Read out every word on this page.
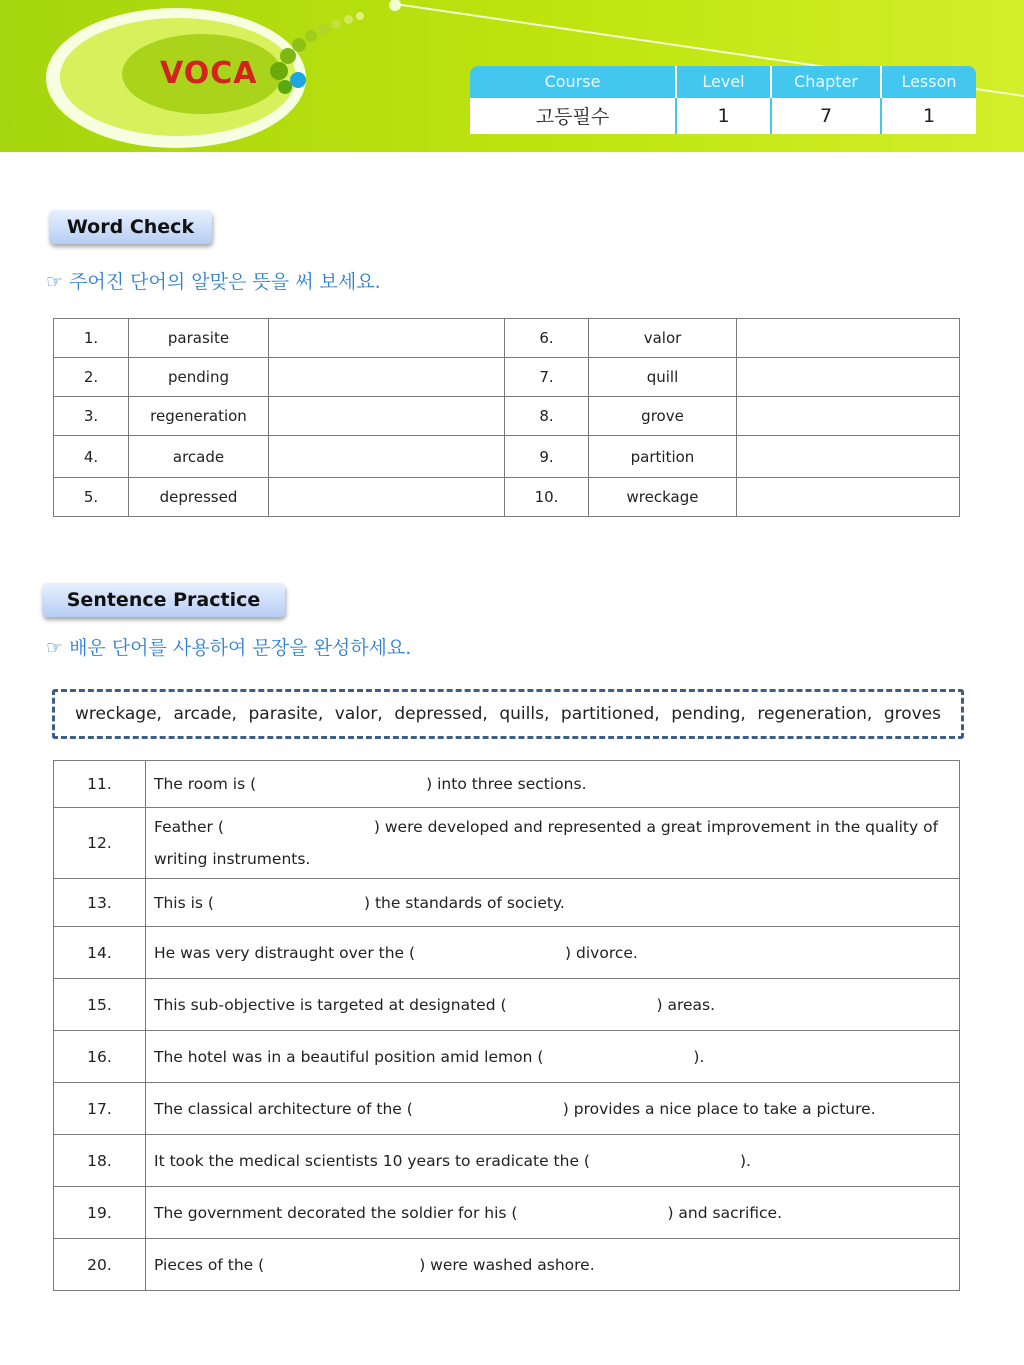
VOCA	Course	Level	Chapter	Lesson
고등필수	1	7	1
Word Check
☞ 주어진 단어의 알맞은 뜻을 써 보세요.
1.	parasite		6.	valor	
2.	pending		7.	quill	
3.	regeneration		8.	grove	
4.	arcade		9.	partition	
5.	depressed		10.	wreckage	
Sentence Practice
☞ 배운 단어를 사용하여 문장을 완성하세요.
wreckage, arcade, parasite, valor, depressed, quills, partitioned, pending, regeneration, groves
11.	The room is ( ) into three sections.
12.	Feather ( ) were developed and represented a great improvement in the quality of
writing instruments.
13.	This is ( ) the standards of society.
14.	He was very distraught over the ( ) divorce.
15.	This sub-objective is targeted at designated ( ) areas.
16.	The hotel was in a beautiful position amid lemon ( ).
17.	The classical architecture of the ( ) provides a nice place to take a picture.
18.	It took the medical scientists 10 years to eradicate the ( ).
19.	The government decorated the soldier for his ( ) and sacrifice.
20.	Pieces of the ( ) were washed ashore.
